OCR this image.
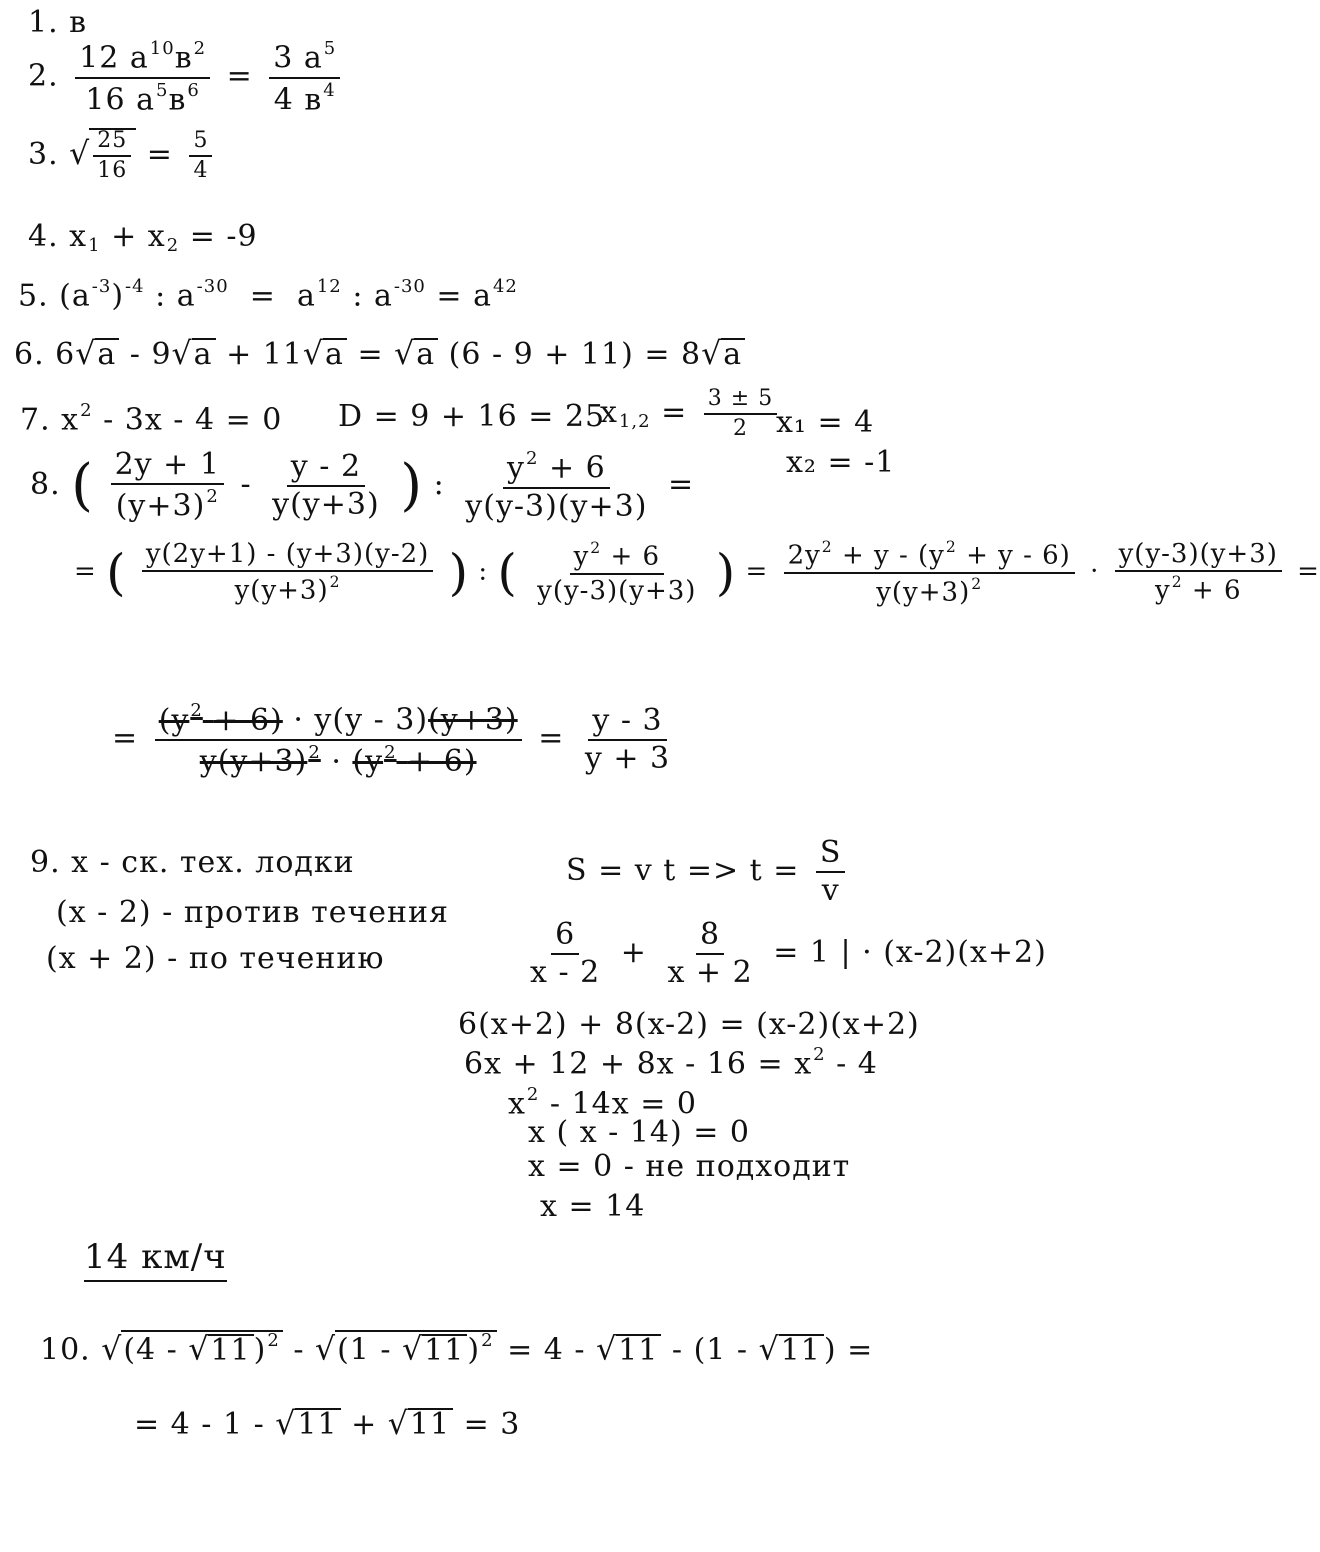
1. в
2. $\frac{12 a^{10}в^2}{16 a^5в^6} = \frac{3 a^5}{4 в^4}$
3. √ $\frac{25}{16} = \frac{5}{4}$
4. x1 + x2 = -9
5. $(a^{-3})^{-4}$ : $a^{-30} = a^{12}$ : $a^{-30} = a^{42}$
6. 6√a - 9√a + 11√a = √a (6 - 9 + 11) = 8√a
7. $x^2 - 3x - 4 = 0$ D = 9 + 16 = 25
$x1,2 = \frac{3 \pm 5}{2}$
x₁ = 4
x₂ = -1
8. ( $\frac{2y + 1}{(y+3)^2} - \frac{y - 2}{y(y+3)}$ ) : $\frac{y^2 + 6}{y(y-3)(y+3)}$ =
= ( $\frac{y(2y+1) - (y+3)(y-2)}{y(y+3)^2}$ ) : ( $\frac{y^2 + 6}{y(y-3)(y+3)}$ ) = $\frac{2y^2 + y - (y^2 + y - 6)}{y(y+3)^2} \cdot \frac{y(y-3)(y+3)}{y^2 + 6}$ =
= $\frac{(y^2 + 6) \cdot y(y - 3)(y+3)}{y(y+3)^2 \cdot (y^2 + 6)} = \frac{y - 3}{y + 3}$
9. x - ск. тех. лодки
(x - 2) - против течения
(x + 2) - по течению
S = v $t => t = \frac{S}{v}$
$\frac{6}{x - 2} + \frac{8}{x + 2} = 1$ | · (x-2)(x+2)
6(x+2) + 8(x-2) = (x-2)(x+2)
$6x + 12 + 8x - 16 = x^2 - 4$
$x^2 - 14x = 0$
x ( x - 14) = 0
x = 0 - не подходит
x = 14
14 км/ч
10. √(4 - √11 )$^2$ - √(1 - √11 )$^2$ = 4 - √11 - (1 - √11 ) =
= 4 - 1 - √11 + √11 = 3
